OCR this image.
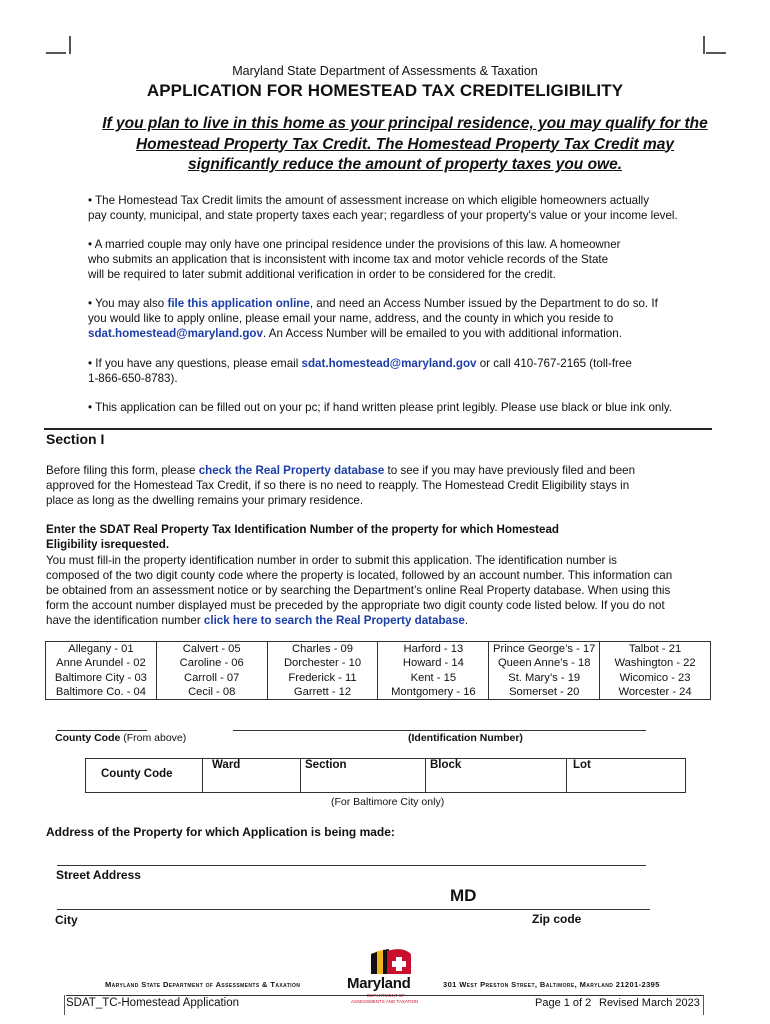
Maryland State Department of Assessments & Taxation
APPLICATION FOR HOMESTEAD TAX CREDITELIGIBILITY
If you plan to live in this home as your principal residence, you may qualify for the
Homestead Property Tax Credit. The Homestead Property Tax Credit may
significantly reduce the amount of property taxes you owe.
• The Homestead Tax Credit limits the amount of assessment increase on which eligible homeowners actually
pay county, municipal, and state property taxes each year; regardless of your property's value or your income level.
• A married couple may only have one principal residence under the provisions of this law. A homeowner
who submits an application that is inconsistent with income tax and motor vehicle records of the State
will be required to later submit additional verification in order to be considered for the credit.
• You may also file this application online, and need an Access Number issued by the Department to do so. If
you would like to apply online, please email your name, address, and the county in which you reside to
sdat.homestead@maryland.gov. An Access Number will be emailed to you with additional information.
• If you have any questions, please email sdat.homestead@maryland.gov or call 410-767-2165 (toll-free
1-866-650-8783).
• This application can be filled out on your pc; if hand written please print legibly. Please use black or blue ink only.
Section I
Before filing this form, please check the Real Property database to see if you may have previously filed and been
approved for the Homestead Tax Credit, if so there is no need to reapply. The Homestead Credit Eligibility stays in
place as long as the dwelling remains your primary residence.
Enter the SDAT Real Property Tax Identification Number of the property for which Homestead
Eligibility isrequested.
You must fill-in the property identification number in order to submit this application. The identification number is
composed of the two digit county code where the property is located, followed by an account number. This information can
be obtained from an assessment notice or by searching the Department’s online Real Property database. When using this
form the account number displayed must be preceded by the appropriate two digit county code listed below. If you do not
have the identification number click here to search the Real Property database.
Allegany - 01	Calvert - 05	Charles - 09	Harford - 13	Prince George’s - 17	Talbot - 21
Anne Arundel - 02	Caroline - 06	Dorchester - 10	Howard - 14	Queen Anne’s - 18	Washington - 22
Baltimore City - 03	Carroll - 07	Frederick - 11	Kent - 15	St. Mary’s - 19	Wicomico - 23
Baltimore Co. - 04	Cecil - 08	Garrett - 12	Montgomery - 16	Somerset - 20	Worcester - 24
County Code (From above)	(Identification Number)
County Code
Ward	Section	Block	Lot
(For Baltimore City only)
Address of the Property for which Application is being made:
Street Address
MD
City	Zip code
Maryland State Department of Assessments & Taxation	301 West Preston Street, Baltimore, Maryland 21201-2395
Maryland
ASSESSMENTS AND TAXATION
SDAT_TC-Homestead Application	Page 1 of 2 Revised March 2023
